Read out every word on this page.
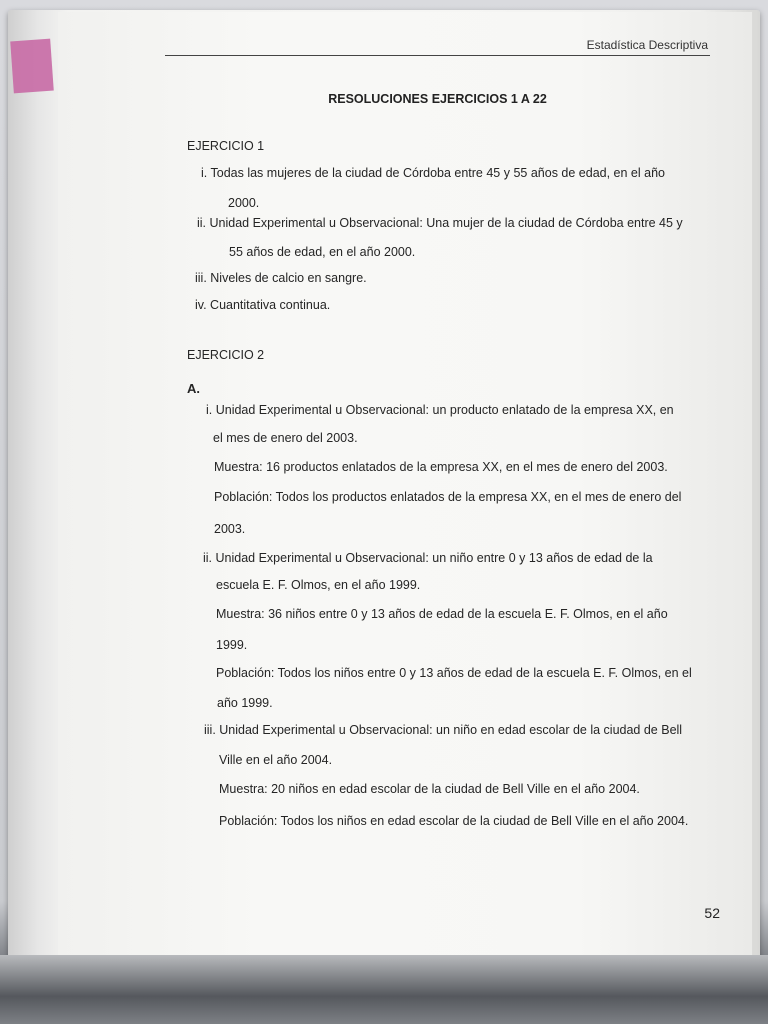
Estadística Descriptiva
RESOLUCIONES EJERCICIOS 1 A 22
EJERCICIO 1
i. Todas las mujeres de la ciudad de Córdoba entre 45 y 55 años de edad, en el año
2000.
ii. Unidad Experimental u Observacional: Una mujer de la ciudad de Córdoba entre 45 y
55 años de edad, en el año 2000.
iii. Niveles de calcio en sangre.
iv. Cuantitativa continua.
EJERCICIO 2
A.
i. Unidad Experimental u Observacional: un producto enlatado de la empresa XX, en
el mes de enero del 2003.
Muestra: 16 productos enlatados de la empresa XX, en el mes de enero del 2003.
Población: Todos los productos enlatados de la empresa XX, en el mes de enero del
2003.
ii. Unidad Experimental u Observacional: un niño entre 0 y 13 años de edad de la
escuela E. F. Olmos, en el año 1999.
Muestra: 36 niños entre 0 y 13 años de edad de la escuela E. F. Olmos, en el año
1999.
Población: Todos los niños entre 0 y 13 años de edad de la escuela E. F. Olmos, en el
año 1999.
iii. Unidad Experimental u Observacional: un niño en edad escolar de la ciudad de Bell
Ville en el año 2004.
Muestra: 20 niños en edad escolar de la ciudad de Bell Ville en el año 2004.
Población: Todos los niños en edad escolar de la ciudad de Bell Ville en el año 2004.
52
